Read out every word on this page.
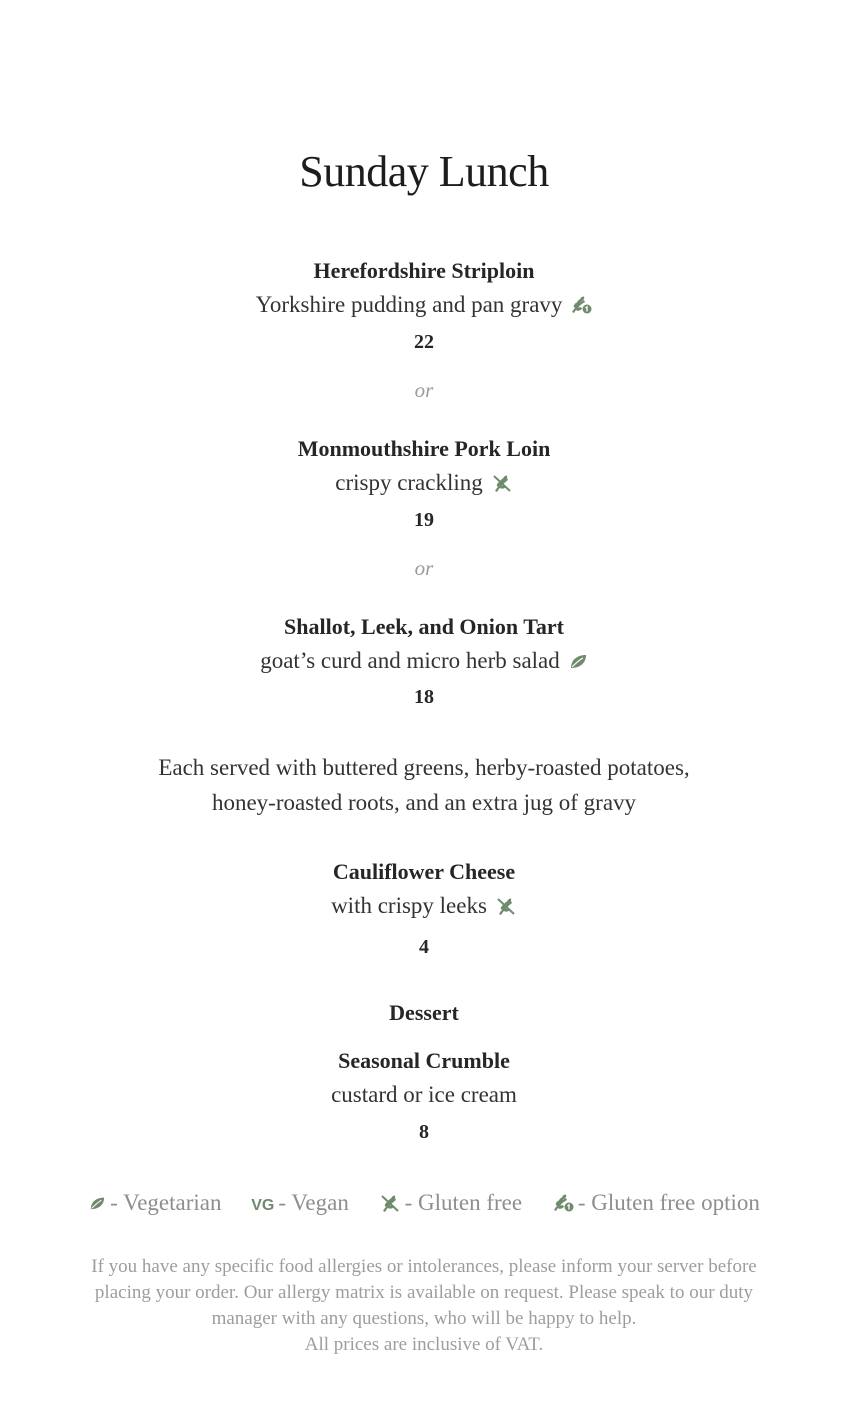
Sunday Lunch
Herefordshire Striploin
Yorkshire pudding and pan gravy
22
or
Monmouthshire Pork Loin
crispy crackling
19
or
Shallot, Leek, and Onion Tart
goat’s curd and micro herb salad
18
Each served with buttered greens, herby-roasted potatoes,
honey-roasted roots, and an extra jug of gravy
Cauliflower Cheese
with crispy leeks
4
Dessert
Seasonal Crumble
custard or ice cream
8
- Vegetarian VG - Vegan - Gluten free - Gluten free option
If you have any specific food allergies or intolerances, please inform your server before
placing your order. Our allergy matrix is available on request. Please speak to our duty
manager with any questions, who will be happy to help.
All prices are inclusive of VAT.
